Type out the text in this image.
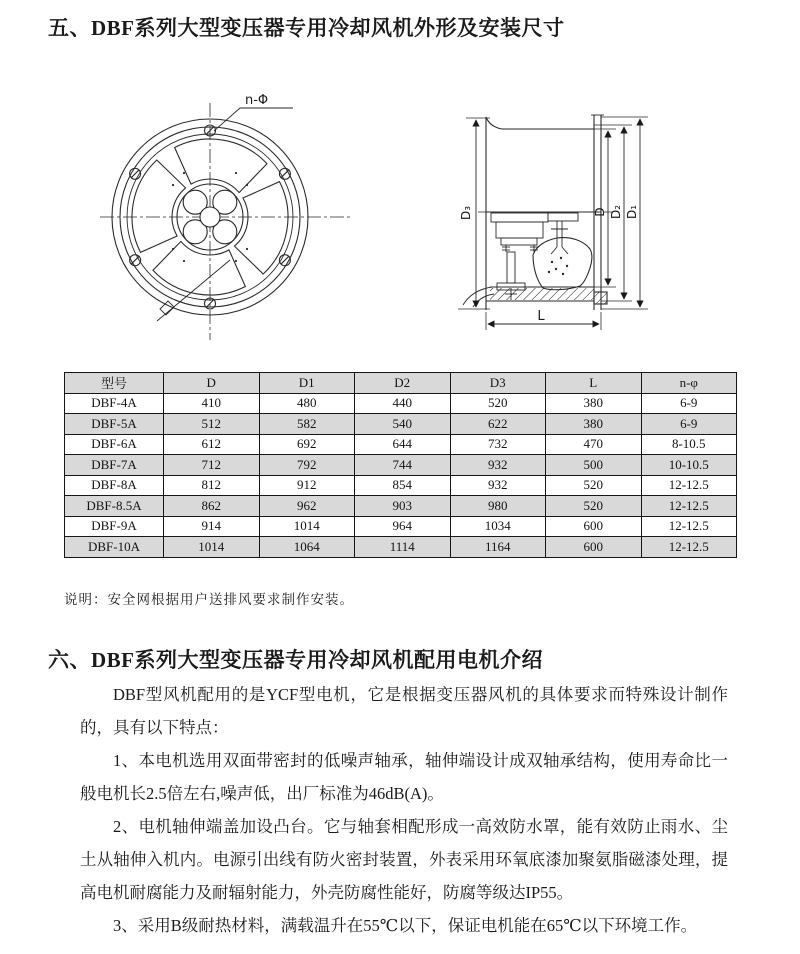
五、DBF系列大型变压器专用冷却风机外形及安装尺寸
n-Φ
D₃	D D₂ D₁
L
型号	D	D1	D2	D3	L	n-φ
DBF-4A	410	480	440	520	380	6-9
DBF-5A	512	582	540	622	380	6-9
DBF-6A	612	692	644	732	470	8-10.5
DBF-7A	712	792	744	932	500	10-10.5
DBF-8A	812	912	854	932	520	12-12.5
DBF-8.5A	862	962	903	980	520	12-12.5
DBF-9A	914	1014	964	1034	600	12-12.5
DBF-10A	1014	1064	1114	1164	600	12-12.5
说明：安全网根据用户送排风要求制作安装。
六、DBF系列大型变压器专用冷却风机配用电机介绍

DBF型风机配用的是YCF型电机，它是根据变压器风机的具体要求而特殊设计制作的，具有以下特点：

1、本电机选用双面带密封的低噪声轴承，轴伸端设计成双轴承结构，使用寿命比一般电机长2.5倍左右,噪声低，出厂标准为46dB(A)。

2、电机轴伸端盖加设凸台。它与轴套相配形成一高效防水罩，能有效防止雨水、尘土从轴伸入机内。电源引出线有防火密封装置，外表采用环氧底漆加聚氨脂磁漆处理，提高电机耐腐能力及耐辐射能力，外壳防腐性能好，防腐等级达IP55。

3、采用B级耐热材料，满载温升在55℃以下，保证电机能在65℃以下环境工作。
